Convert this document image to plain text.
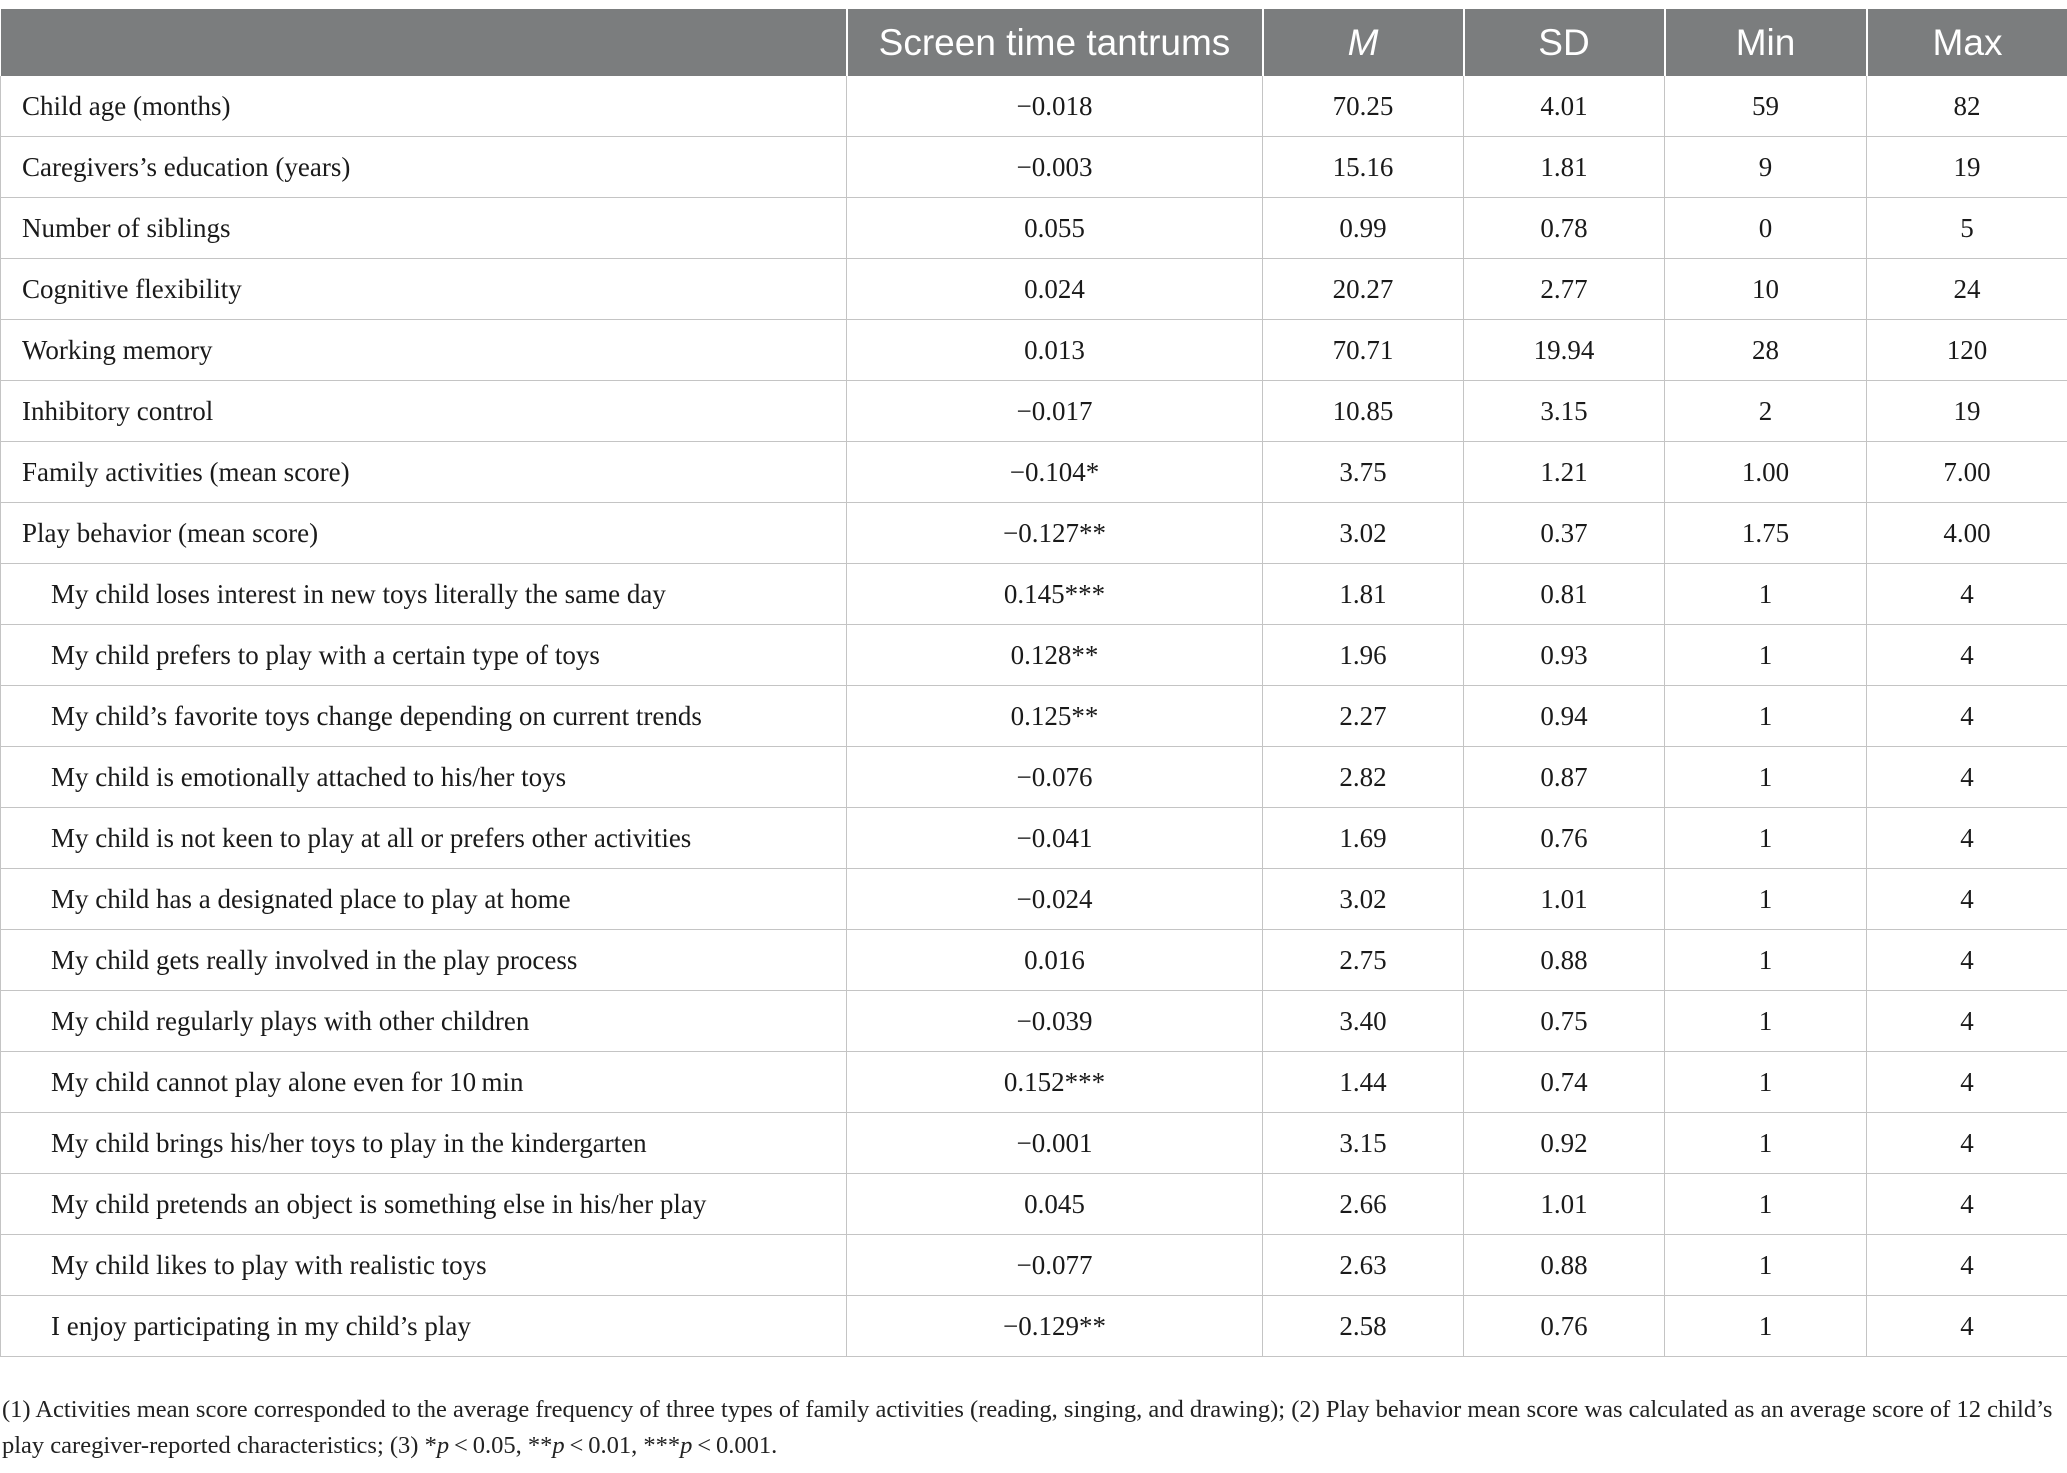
	Screen time tantrums	M	SD	Min	Max
Child age (months)	−0.018	70.25	4.01	59	82
Caregivers’s education (years)	−0.003	15.16	1.81	9	19
Number of siblings	0.055	0.99	0.78	0	5
Cognitive flexibility	0.024	20.27	2.77	10	24
Working memory	0.013	70.71	19.94	28	120
Inhibitory control	−0.017	10.85	3.15	2	19
Family activities (mean score)	−0.104*	3.75	1.21	1.00	7.00
Play behavior (mean score)	−0.127**	3.02	0.37	1.75	4.00
My child loses interest in new toys literally the same day	0.145***	1.81	0.81	1	4
My child prefers to play with a certain type of toys	0.128**	1.96	0.93	1	4
My child’s favorite toys change depending on current trends	0.125**	2.27	0.94	1	4
My child is emotionally attached to his/her toys	−0.076	2.82	0.87	1	4
My child is not keen to play at all or prefers other activities	−0.041	1.69	0.76	1	4
My child has a designated place to play at home	−0.024	3.02	1.01	1	4
My child gets really involved in the play process	0.016	2.75	0.88	1	4
My child regularly plays with other children	−0.039	3.40	0.75	1	4
My child cannot play alone even for 10 min	0.152***	1.44	0.74	1	4
My child brings his/her toys to play in the kindergarten	−0.001	3.15	0.92	1	4
My child pretends an object is something else in his/her play	0.045	2.66	1.01	1	4
My child likes to play with realistic toys	−0.077	2.63	0.88	1	4
I enjoy participating in my child’s play	−0.129**	2.58	0.76	1	4
(1) Activities mean score corresponded to the average frequency of three types of family activities (reading, singing, and drawing); (2) Play behavior mean score was calculated as an average score of 12 child’s play caregiver-reported characteristics; (3) *p < 0.05, **p < 0.01, ***p < 0.001.
